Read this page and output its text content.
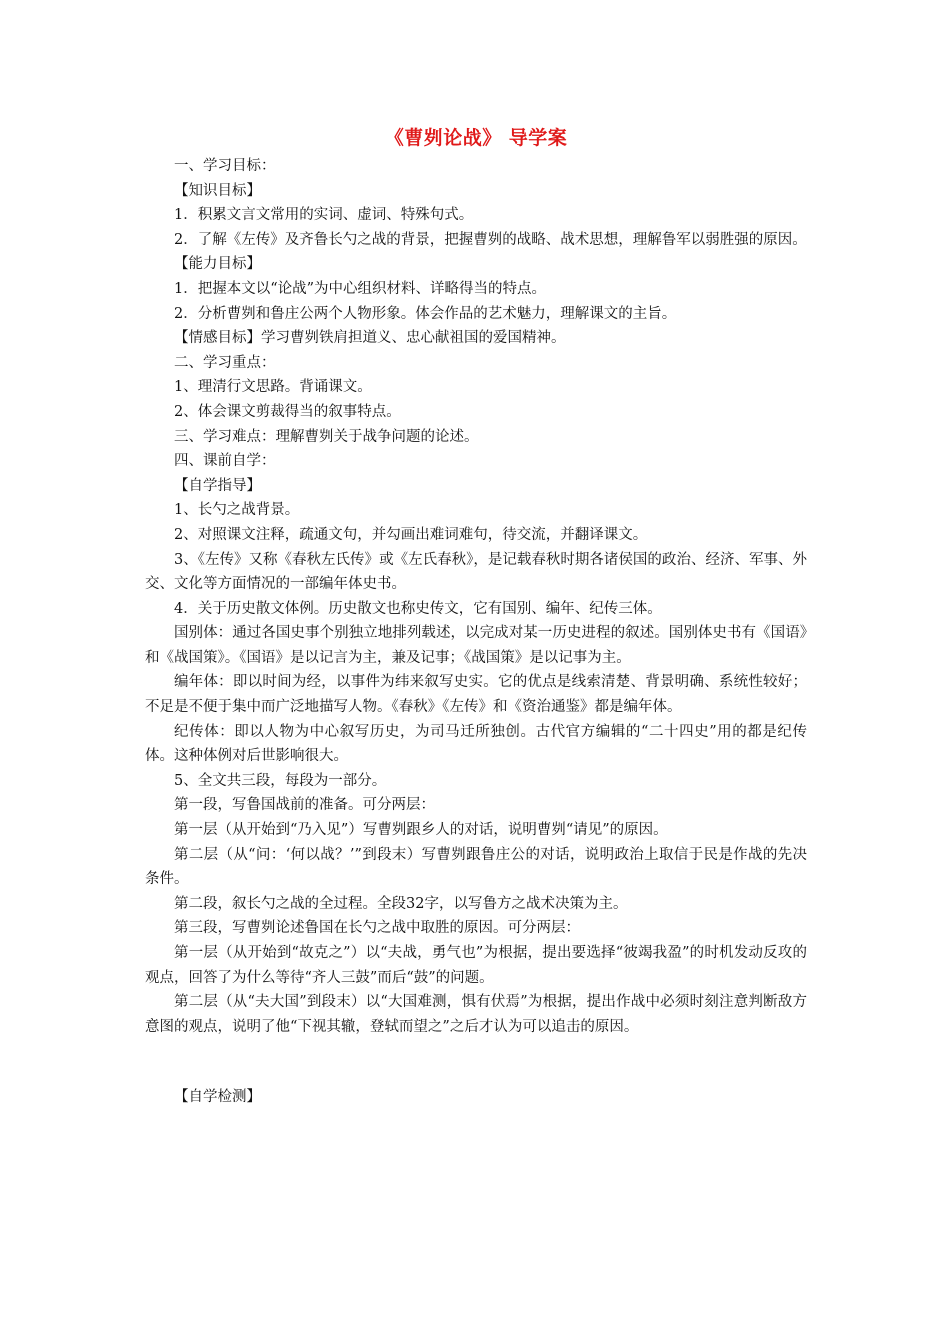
《曹刿论战》 导学案

一、学习目标：

【知识目标】

1．积累文言文常用的实词、虚词、特殊句式。

2．了解《左传》及齐鲁长勺之战的背景，把握曹刿的战略、战术思想，理解鲁军以弱胜强的原因。

【能力目标】

1．把握本文以“论战”为中心组织材料、详略得当的特点。

2．分析曹刿和鲁庄公两个人物形象。体会作品的艺术魅力，理解课文的主旨。

【情感目标】学习曹刿铁肩担道义、忠心献祖国的爱国精神。

二、学习重点：

1、理清行文思路。背诵课文。

2、体会课文剪裁得当的叙事特点。

三、学习难点：理解曹刿关于战争问题的论述。

四、课前自学：

【自学指导】

1、长勺之战背景。

2、对照课文注释，疏通文句，并勾画出难词难句，待交流，并翻译课文。

3、《左传》又称《春秋左氏传》或《左氏春秋》，是记载春秋时期各诸侯国的政治、经济、军事、外交、文化等方面情况的一部编年体史书。

4．关于历史散文体例。历史散文也称史传文，它有国别、编年、纪传三体。

国别体：通过各国史事个别独立地排列载述，以完成对某一历史进程的叙述。国别体史书有《国语》和《战国策》。《国语》是以记言为主，兼及记事；《战国策》是以记事为主。

编年体：即以时间为经，以事件为纬来叙写史实。它的优点是线索清楚、背景明确、系统性较好；不足是不便于集中而广泛地描写人物。《春秋》《左传》和《资治通鉴》都是编年体。

纪传体：即以人物为中心叙写历史，为司马迁所独创。古代官方编辑的“二十四史”用的都是纪传体。这种体例对后世影响很大。

5、全文共三段，每段为一部分。

第一段，写鲁国战前的准备。可分两层：

第一层（从开始到“乃入见”）写曹刿跟乡人的对话，说明曹刿“请见”的原因。

第二层（从“问：‘何以战？’”到段末）写曹刿跟鲁庄公的对话，说明政治上取信于民是作战的先决条件。

第二段，叙长勺之战的全过程。全段32字，以写鲁方之战术决策为主。

第三段，写曹刿论述鲁国在长勺之战中取胜的原因。可分两层：

第一层（从开始到“故克之”）以“夫战，勇气也”为根据，提出要选择“彼竭我盈”的时机发动反攻的观点，回答了为什么等待“齐人三鼓”而后“鼓”的问题。

第二层（从“夫大国”到段末）以“大国难测，惧有伏焉”为根据，提出作战中必须时刻注意判断敌方意图的观点，说明了他“下视其辙，登轼而望之”之后才认为可以追击的原因。

【自学检测】
